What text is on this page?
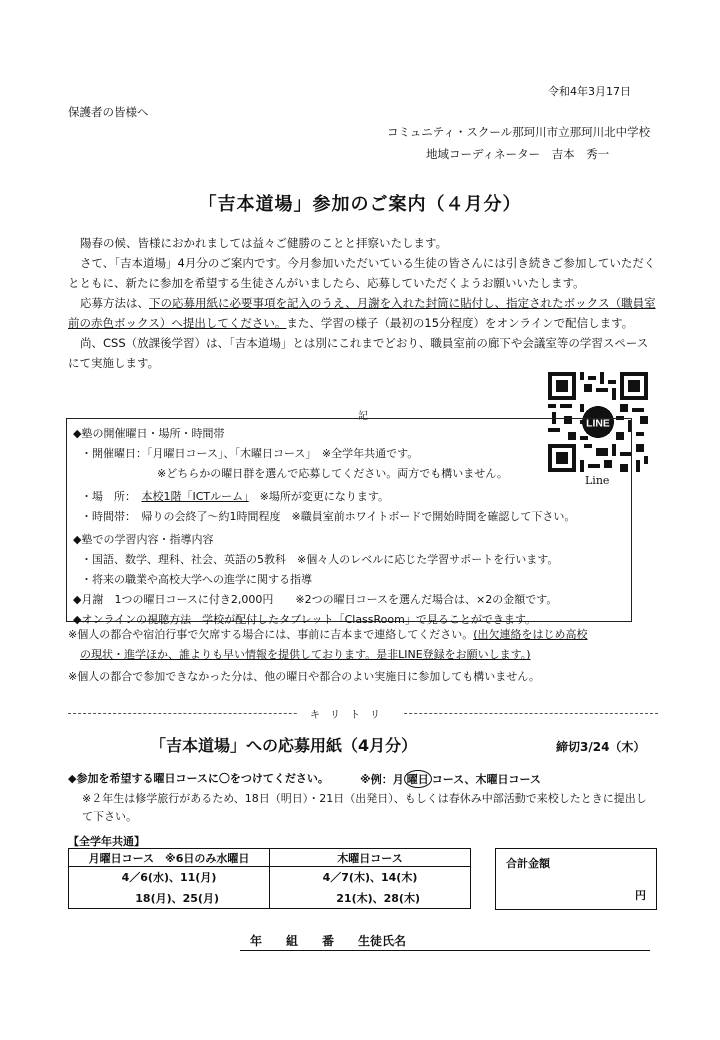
令和4年3月17日
保護者の皆様へ
コミュニティ・スクール那珂川市立那珂川北中学校
地域コーディネーター　吉本　秀一
「吉本道場」参加のご案内（４月分）
陽春の候、皆様におかれましては益々ご健勝のことと拝察いたします。
さて、「吉本道場」4月分のご案内です。今月参加いただいている生徒の皆さんには引き続きご参加していただくとともに、新たに参加を希望する生徒さんがいましたら、応募していただくようお願いいたします。
応募方法は、下の応募用紙に必要事項を記入のうえ、月謝を入れた封筒に貼付し、指定されたボックス（職員室前の赤色ボックス）へ提出してください。また、学習の様子（最初の15分程度）をオンラインで配信します。
尚、CSS（放課後学習）は、「吉本道場」とは別にこれまでどおり、職員室前の廊下や会議室等の学習スペースにて実施します。
LINE
Line
記
◆塾の開催曜日・場所・時間帯
・開催曜日：「月曜日コース」、「木曜日コース」　※全学年共通です。
※どちらかの曜日群を選んで応募してください。両方でも構いません。
・場　所：　 本校1階「ICTルーム」　 ※場所が変更になります。
・時間帯：　帰りの会終了～約1時間程度　※職員室前ホワイトボードで開始時間を確認して下さい。
◆塾での学習内容・指導内容
・国語、数学、理科、社会、英語の5教科　※個々人のレベルに応じた学習サポートを行います。
・将来の職業や高校大学への進学に関する指導
◆月謝　1つの曜日コースに付き2,000円　　※2つの曜日コースを選んだ場合は、×2の金額です。
◆オンラインの視聴方法　学校が配付したタブレット「ClassRoom」で見ることができます。
※個人の都合や宿泊行事で欠席する場合には、事前に吉本まで連絡してください。(出欠連絡をはじめ高校
の現状・進学ほか、誰よりも早い情報を提供しております。是非LINE登録をお願いします。)
※個人の都合で参加できなかった分は、他の曜日や都合のよい実施日に参加しても構いません。
キリトリ
「吉本道場」への応募用紙（4月分）	締切3/24（木）
◆参加を希望する曜日コースに〇をつけてください。	※例：月 曜日 コース、木曜日コース
※２年生は修学旅行があるため、18日（明日）・21日（出発日）、もしくは春休み中部活動で来校したときに提出して下さい。
【全学年共通】
月曜日コース　※6日のみ水曜日	木曜日コース
4／6(水)、11(月)	4／7(木)、14(木)
18(月)、25(月)	21(木)、28(木)
合計金額
円
年　　組　　番　　生徒氏名
